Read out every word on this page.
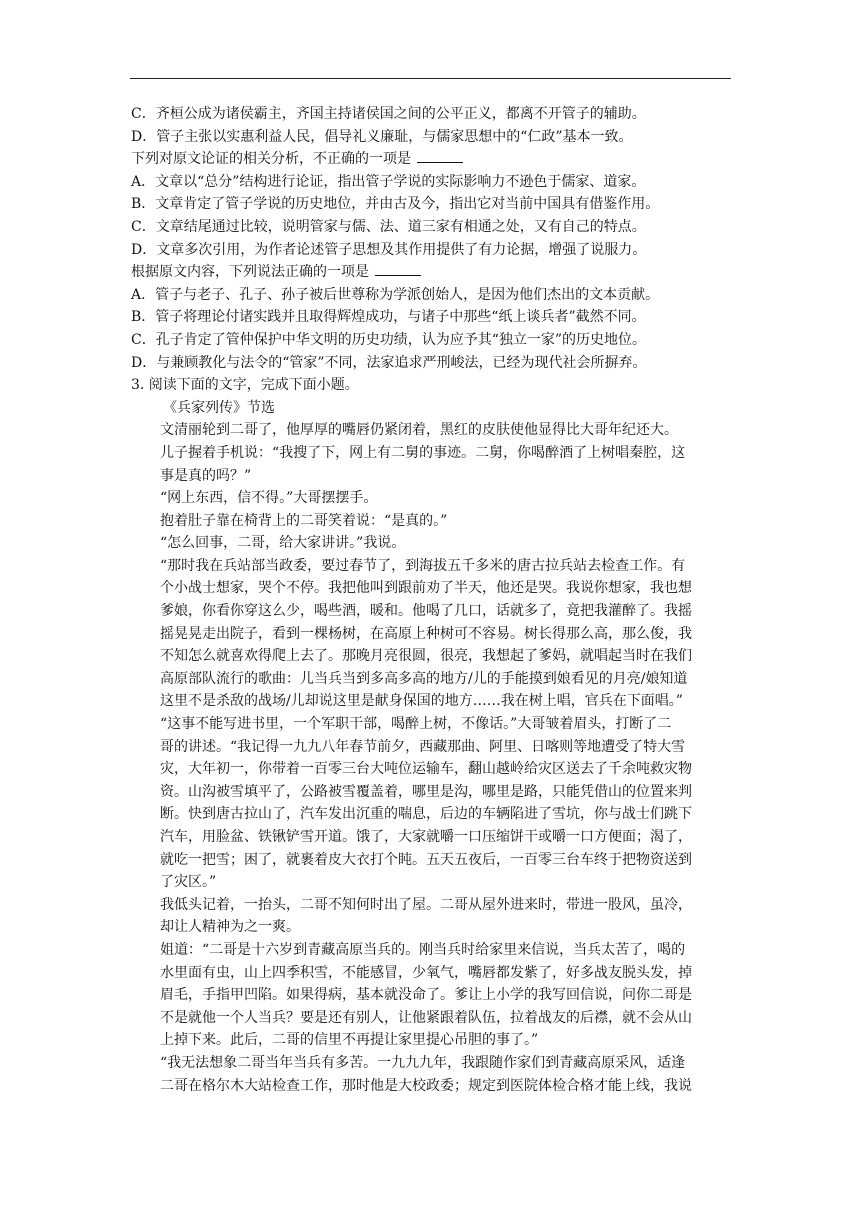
C．齐桓公成为诸侯霸主，齐国主持诸侯国之间的公平正义，都离不开管子的辅助。
D．管子主张以实惠利益人民，倡导礼义廉耻，与儒家思想中的“仁政”基本一致。
下列对原文论证的相关分析，不正确的一项是
A．文章以“总分”结构进行论证，指出管子学说的实际影响力不逊色于儒家、道家。
B．文章肯定了管子学说的历史地位，并由古及今，指出它对当前中国具有借鉴作用。
C．文章结尾通过比较，说明管家与儒、法、道三家有相通之处，又有自己的特点。
D．文章多次引用，为作者论述管子思想及其作用提供了有力论据，增强了说服力。
根据原文内容，下列说法正确的一项是
A．管子与老子、孔子、孙子被后世尊称为学派创始人，是因为他们杰出的文本贡献。
B．管子将理论付诸实践并且取得辉煌成功，与诸子中那些“纸上谈兵者”截然不同。
C．孔子肯定了管仲保护中华文明的历史功绩，认为应予其“独立一家”的历史地位。
D．与兼顾教化与法令的“管家”不同，法家追求严刑峻法，已经为现代社会所摒弃。
3. 阅读下面的文字，完成下面小题。
《兵家列传》节选
文清丽轮到二哥了，他厚厚的嘴唇仍紧闭着，黑红的皮肤使他显得比大哥年纪还大。
儿子握着手机说：“我搜了下，网上有二舅的事迹。二舅，你喝醉酒了上树唱秦腔，这
事是真的吗？”
“网上东西，信不得。”大哥摆摆手。
抱着肚子靠在椅背上的二哥笑着说：“是真的。”
“怎么回事，二哥，给大家讲讲。”我说。
“那时我在兵站部当政委，要过春节了，到海拔五千多米的唐古拉兵站去检查工作。有
个小战士想家，哭个不停。我把他叫到跟前劝了半天，他还是哭。我说你想家，我也想
爹娘，你看你穿这么少，喝些酒，暖和。他喝了几口，话就多了，竟把我灌醉了。我摇
摇晃晃走出院子，看到一棵杨树，在高原上种树可不容易。树长得那么高，那么俊，我
不知怎么就喜欢得爬上去了。那晚月亮很圆，很亮，我想起了爹妈，就唱起当时在我们
高原部队流行的歌曲：儿当兵当到多高多高的地方/儿的手能摸到娘看见的月亮/娘知道
这里不是杀敌的战场/儿却说这里是献身保国的地方……我在树上唱，官兵在下面唱。”
“这事不能写进书里，一个军职干部，喝醉上树，不像话。”大哥皱着眉头，打断了二
哥的讲述。“我记得一九九八年春节前夕，西藏那曲、阿里、日喀则等地遭受了特大雪
灾，大年初一，你带着一百零三台大吨位运输车，翻山越岭给灾区送去了千余吨救灾物
资。山沟被雪填平了，公路被雪覆盖着，哪里是沟，哪里是路，只能凭借山的位置来判
断。快到唐古拉山了，汽车发出沉重的喘息，后边的车辆陷进了雪坑，你与战士们跳下
汽车，用脸盆、铁锹铲雪开道。饿了，大家就嚼一口压缩饼干或嚼一口方便面；渴了，
就吃一把雪；困了，就裹着皮大衣打个盹。五天五夜后，一百零三台车终于把物资送到
了灾区。”
我低头记着，一抬头，二哥不知何时出了屋。二哥从屋外进来时，带进一股风，虽冷，
却让人精神为之一爽。
姐道：“二哥是十六岁到青藏高原当兵的。刚当兵时给家里来信说，当兵太苦了，喝的
水里面有虫，山上四季积雪，不能感冒，少氧气，嘴唇都发紫了，好多战友脱头发，掉
眉毛，手指甲凹陷。如果得病，基本就没命了。爹让上小学的我写回信说，问你二哥是
不是就他一个人当兵？要是还有别人，让他紧跟着队伍，拉着战友的后襟，就不会从山
上掉下来。此后，二哥的信里不再提让家里提心吊胆的事了。”
“我无法想象二哥当年当兵有多苦。一九九九年，我跟随作家们到青藏高原采风，适逢
二哥在格尔木大站检查工作，那时他是大校政委；规定到医院体检合格才能上线，我说
